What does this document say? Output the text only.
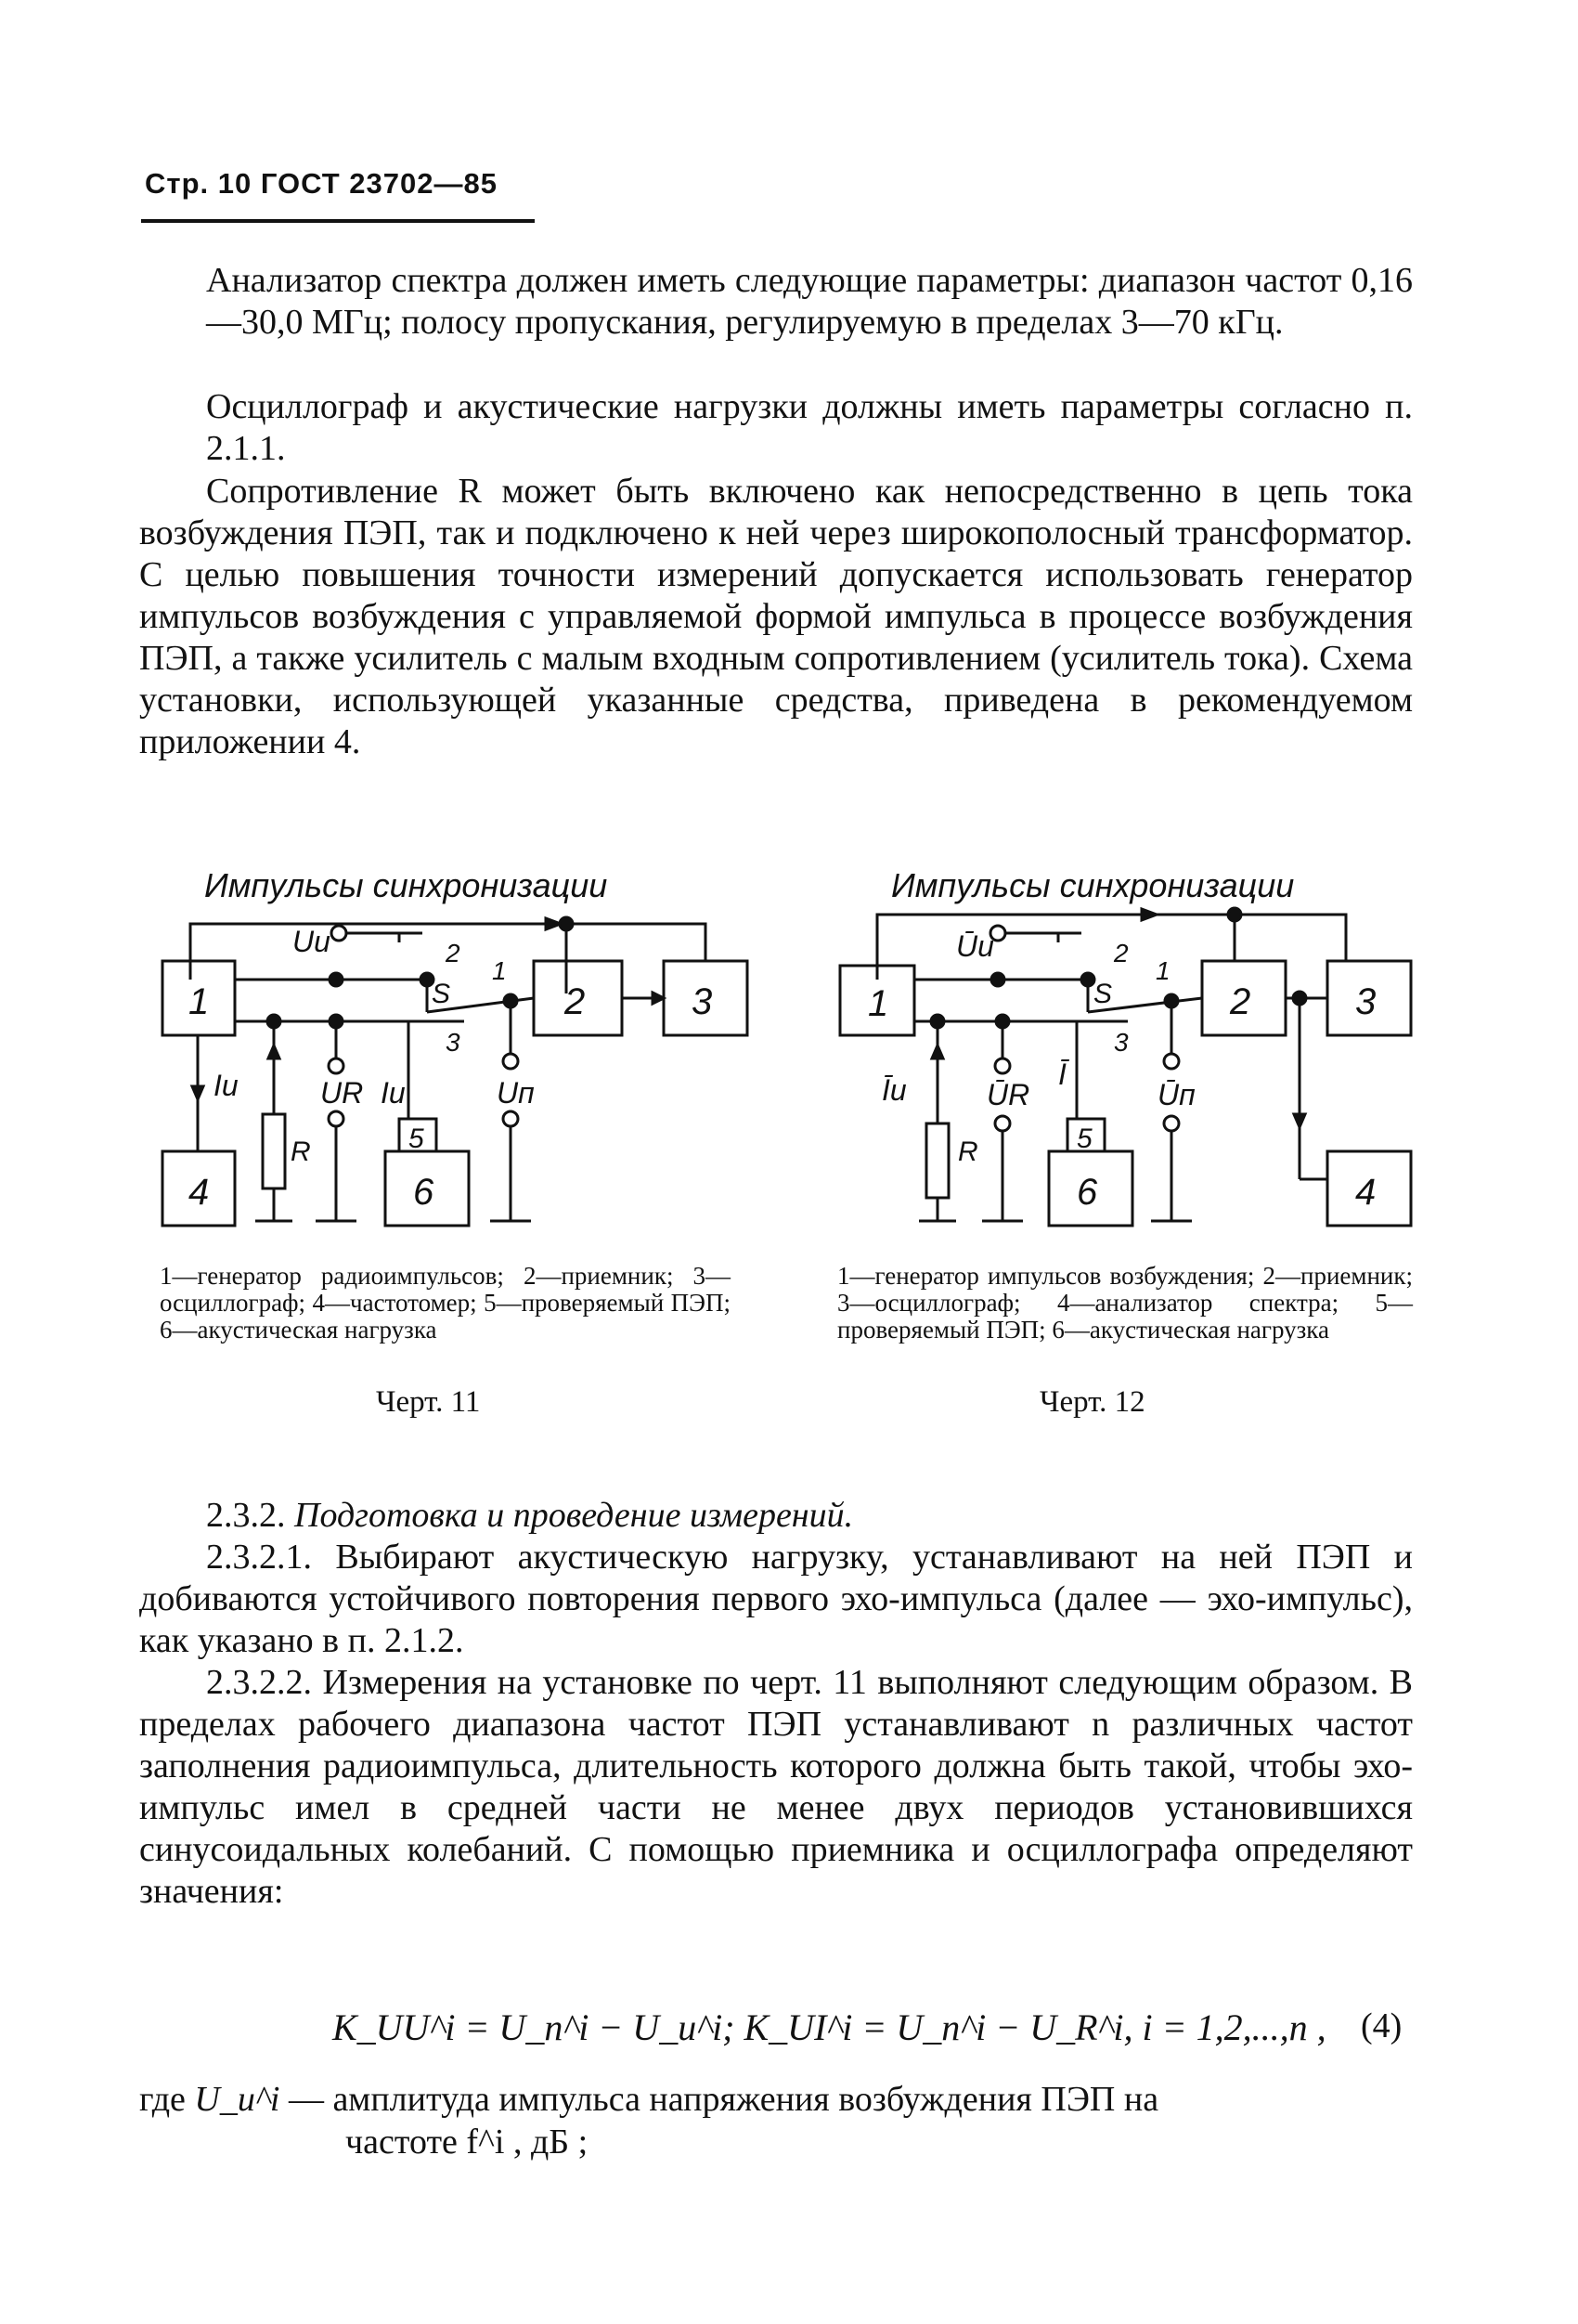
Стр. 10 ГОСТ 23702—85

Анализатор спектра должен иметь следующие параметры: диапазон частот 0,16—30,0 МГц; полосу пропускания, регулируемую в пределах 3—70 кГц.

Осциллограф и акустические нагрузки должны иметь параметры согласно п. 2.1.1.

Сопротивление R может быть включено как непосредственно в цепь тока возбуждения ПЭП, так и подключено к ней через широкополосный трансформатор. С целью повышения точности измерений допускается использовать генератор импульсов возбуждения с управляемой формой импульса в процессе возбуждения ПЭП, а также усилитель с малым входным сопротивлением (усилитель тока). Схема установки, использующей указанные средства, приведена в рекомендуемом приложении 4.

Импульсы синхронизации
1	2	3
Uи	2
S
1
3
Iи
4
R
UR Iи
5
6
Uп
Импульсы синхронизации
1	2	3
4
Ūи	2
S
1
3
Īи
R
ŪR
Ī
5
6
Ūп
1—генератор радиоимпульсов; 2—приемник; 3—осциллограф; 4—частотомер; 5—проверяемый ПЭП; 6—акустическая нагрузка
Черт. 11
1—генератор импульсов возбуждения; 2—приемник; 3—осциллограф; 4—анализатор спектра; 5—проверяемый ПЭП; 6—акустическая нагрузка
Черт. 12
2.3.2. Подготовка и проведение измерений.

2.3.2.1. Выбирают акустическую нагрузку, устанавливают на ней ПЭП и добиваются устойчивого повторения первого эхо-импульса (далее — эхо-импульс), как указано в п. 2.1.2.

2.3.2.2. Измерения на установке по черт. 11 выполняют следующим образом. В пределах рабочего диапазона частот ПЭП устанавливают n различных частот заполнения радиоимпульса, длительность которого должна быть такой, чтобы эхо-импульс имел в средней части не менее двух периодов установившихся синусоидальных колебаний. С помощью приемника и осциллографа определяют значения:

K_UU^i = U_п^i − U_и^i; K_UI^i = U_п^i − U_R^i, i = 1,2,...,n , (4)
где U_и^i — амплитуда импульса напряжения возбуждения ПЭП на
частоте f^i , дБ ;
